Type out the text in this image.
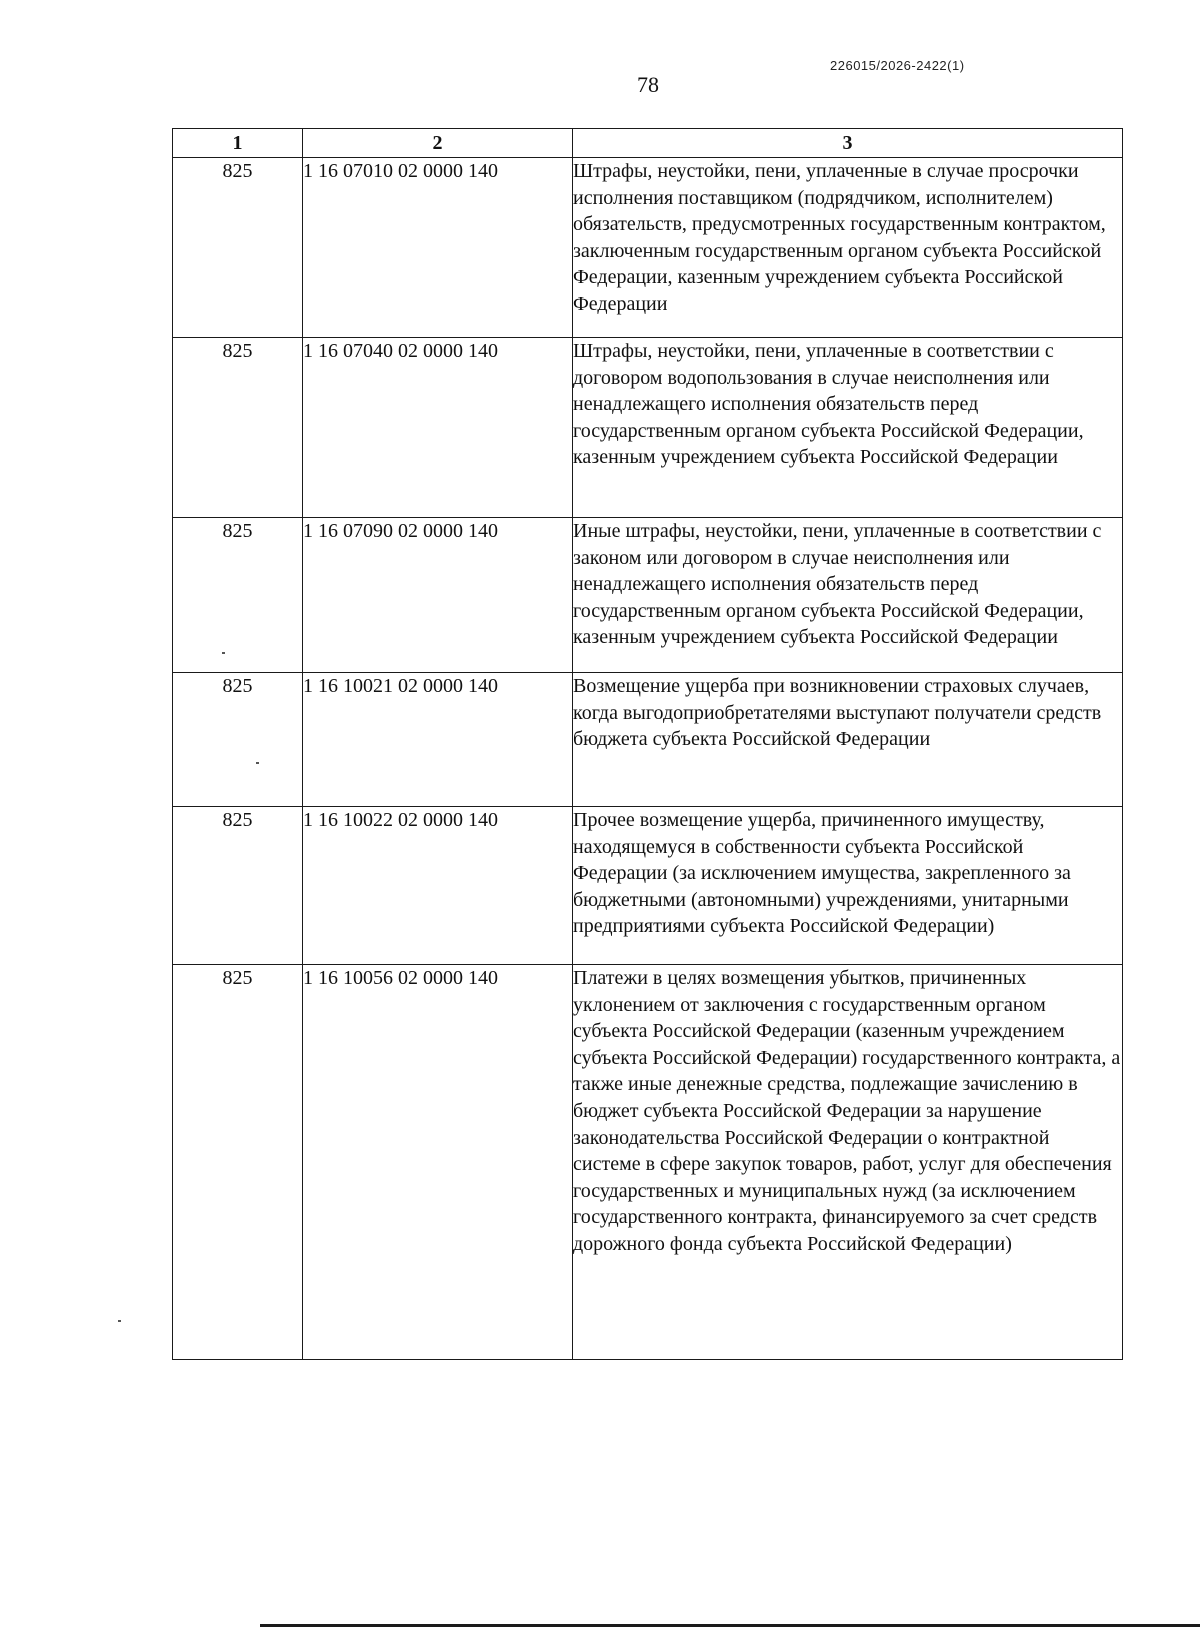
226015/2026-2422(1)
78
1	2	3
825	1 16 07010 02 0000 140	Штрафы, неустойки, пени, уплаченные в случае просрочки исполнения поставщиком (подрядчиком, исполнителем) обязательств, предусмотренных государственным контрактом, заключенным государственным органом субъекта Российской Федерации, казенным учреждением субъекта Российской Федерации
825	1 16 07040 02 0000 140	Штрафы, неустойки, пени, уплаченные в соответствии с договором водопользования в случае неисполнения или ненадлежащего исполнения обязательств перед государственным органом субъекта Российской Федерации, казенным учреждением субъекта Российской Федерации
825	1 16 07090 02 0000 140	Иные штрафы, неустойки, пени, уплаченные в соответствии с законом или договором в случае неисполнения или ненадлежащего исполнения обязательств перед государственным органом субъекта Российской Федерации, казенным учреждением субъекта Российской Федерации
825	1 16 10021 02 0000 140	Возмещение ущерба при возникновении страховых случаев, когда выгодоприобретателями выступают получатели средств бюджета субъекта Российской Федерации
825	1 16 10022 02 0000 140	Прочее возмещение ущерба, причиненного имуществу, находящемуся в собственности субъекта Российской Федерации (за исключением имущества, закрепленного за бюджетными (автономными) учреждениями, унитарными предприятиями субъекта Российской Федерации)
825	1 16 10056 02 0000 140	Платежи в целях возмещения убытков, причиненных уклонением от заключения с государственным органом субъекта Российской Федерации (казенным учреждением субъекта Российской Федерации) государственного контракта, а также иные денежные средства, подлежащие зачислению в бюджет субъекта Российской Федерации за нарушение законодательства Российской Федерации о контрактной системе в сфере закупок товаров, работ, услуг для обеспечения государственных и муниципальных нужд (за исключением государственного контракта, финансируемого за счет средств дорожного фонда субъекта Российской Федерации)
